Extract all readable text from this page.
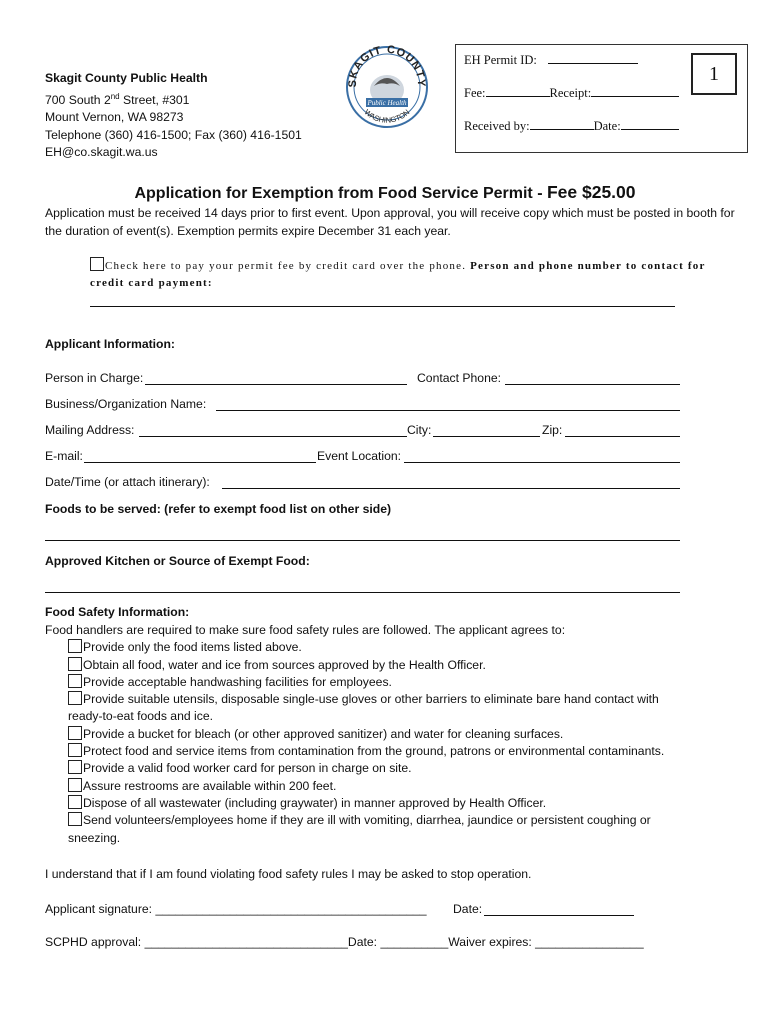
Skagit County Public Health
700 South 2nd Street, #301
Mount Vernon, WA 98273
Telephone (360) 416-1500; Fax (360) 416-1501
EH@co.skagit.wa.us
SKAGIT COUNTY
Public Health
WASHINGTON
EH Permit ID:
Fee:	Receipt:
Received by:	Date:
1
Application for Exemption from Food Service Permit - Fee $25.00
Application must be received 14 days prior to first event. Upon approval, you will receive copy which must be posted in booth for the duration of event(s). Exemption permits expire December 31 each year.
Check here to pay your permit fee by credit card over the phone. Person and phone number to contact for credit card payment:
Applicant Information:
Person in Charge:	Contact Phone:
Business/Organization Name:
Mailing Address:	City:	Zip:
E-mail:	Event Location:
Date/Time (or attach itinerary):
Foods to be served: (refer to exempt food list on other side)
Approved Kitchen or Source of Exempt Food:
Food Safety Information:
Food handlers are required to make sure food safety rules are followed. The applicant agrees to:
Provide only the food items listed above.
Obtain all food, water and ice from sources approved by the Health Officer.
Provide acceptable handwashing facilities for employees.
Provide suitable utensils, disposable single-use gloves or other barriers to eliminate bare hand contact with
ready-to-eat foods and ice.
Provide a bucket for bleach (or other approved sanitizer) and water for cleaning surfaces.
Protect food and service items from contamination from the ground, patrons or environmental contaminants.
Provide a valid food worker card for person in charge on site.
Assure restrooms are available within 200 feet.
Dispose of all wastewater (including graywater) in manner approved by Health Officer.
Send volunteers/employees home if they are ill with vomiting, diarrhea, jaundice or persistent coughing or
sneezing.
I understand that if I am found violating food safety rules I may be asked to stop operation.
Applicant signature: ________________________________________ Date:
SCPHD approval: ______________________________Date: __________Waiver expires: ________________
